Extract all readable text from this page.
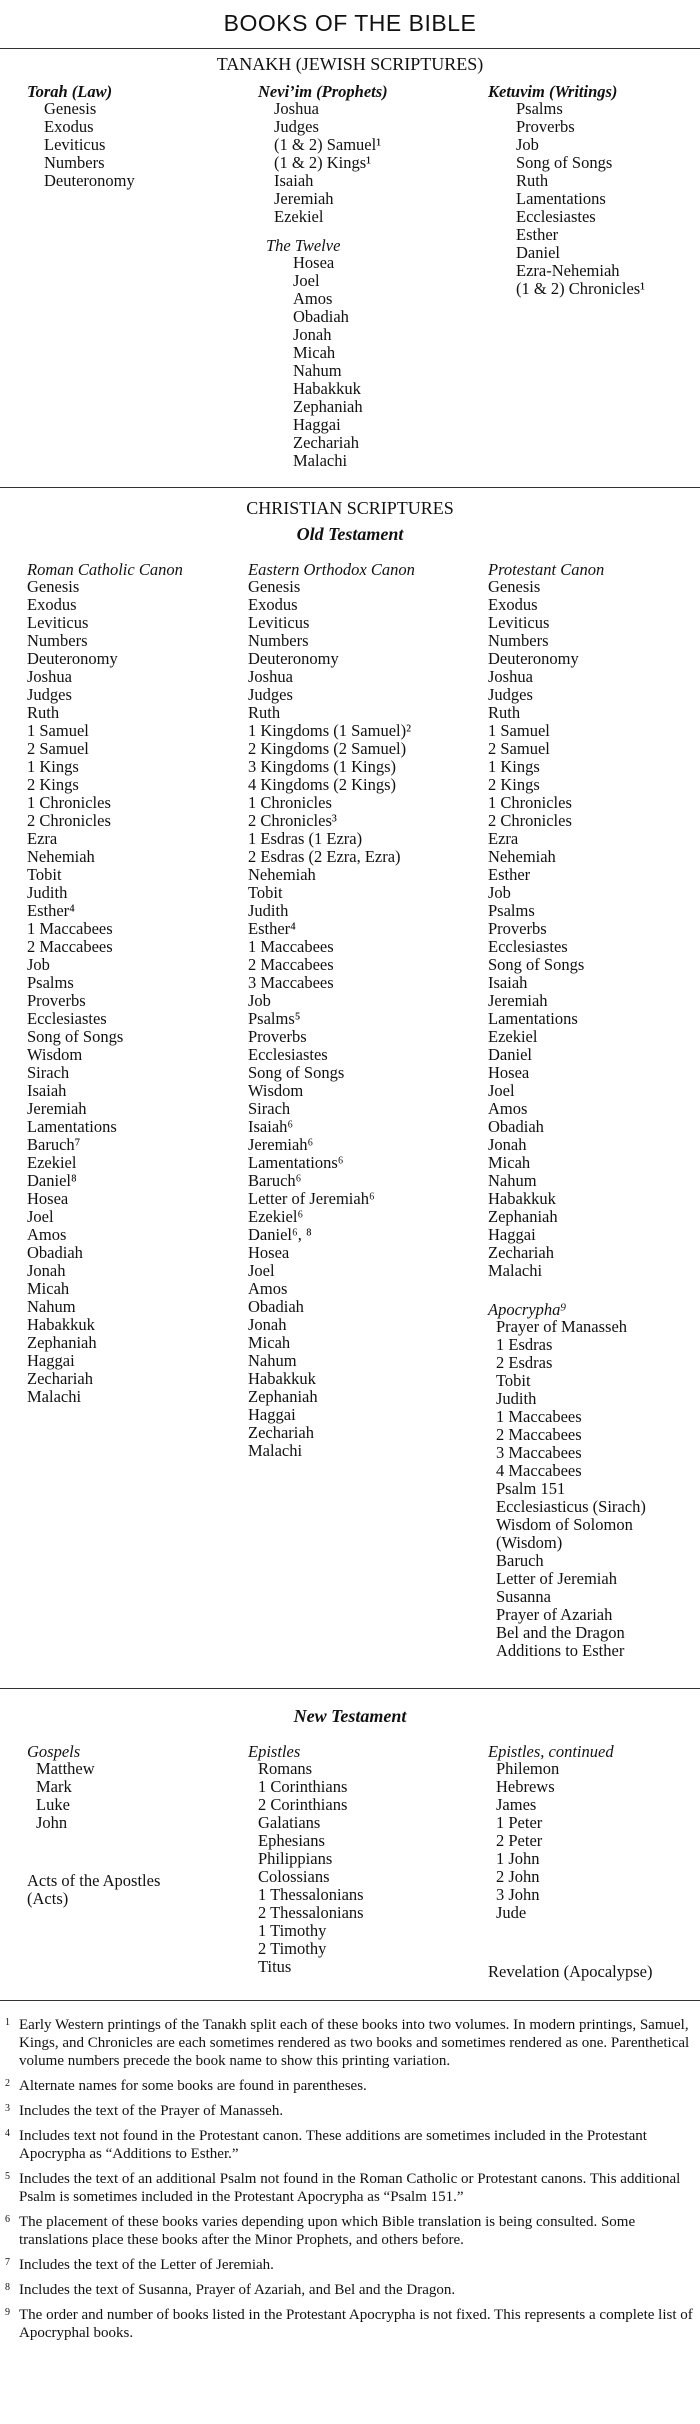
BOOKS OF THE BIBLE
TANAKH (JEWISH SCRIPTURES)
Torah (Law)
Genesis
Exodus
Leviticus
Numbers
Deuteronomy
Nevi’im (Prophets)
Joshua
Judges
(1 & 2) Samuel¹
(1 & 2) Kings¹
Isaiah
Jeremiah
Ezekiel
The Twelve
Hosea
Joel
Amos
Obadiah
Jonah
Micah
Nahum
Habakkuk
Zephaniah
Haggai
Zechariah
Malachi
Ketuvim (Writings)
Psalms
Proverbs
Job
Song of Songs
Ruth
Lamentations
Ecclesiastes
Esther
Daniel
Ezra-Nehemiah
(1 & 2) Chronicles¹
CHRISTIAN SCRIPTURES
Old Testament
Roman Catholic Canon
Genesis
Exodus
Leviticus
Numbers
Deuteronomy
Joshua
Judges
Ruth
1 Samuel
2 Samuel
1 Kings
2 Kings
1 Chronicles
2 Chronicles
Ezra
Nehemiah
Tobit
Judith
Esther⁴
1 Maccabees
2 Maccabees
Job
Psalms
Proverbs
Ecclesiastes
Song of Songs
Wisdom
Sirach
Isaiah
Jeremiah
Lamentations
Baruch⁷
Ezekiel
Daniel⁸
Hosea
Joel
Amos
Obadiah
Jonah
Micah
Nahum
Habakkuk
Zephaniah
Haggai
Zechariah
Malachi
Eastern Orthodox Canon
Genesis
Exodus
Leviticus
Numbers
Deuteronomy
Joshua
Judges
Ruth
1 Kingdoms (1 Samuel)²
2 Kingdoms (2 Samuel)
3 Kingdoms (1 Kings)
4 Kingdoms (2 Kings)
1 Chronicles
2 Chronicles³
1 Esdras (1 Ezra)
2 Esdras (2 Ezra, Ezra)
Nehemiah
Tobit
Judith
Esther⁴
1 Maccabees
2 Maccabees
3 Maccabees
Job
Psalms⁵
Proverbs
Ecclesiastes
Song of Songs
Wisdom
Sirach
Isaiah⁶
Jeremiah⁶
Lamentations⁶
Baruch⁶
Letter of Jeremiah⁶
Ezekiel⁶
Daniel⁶, ⁸
Hosea
Joel
Amos
Obadiah
Jonah
Micah
Nahum
Habakkuk
Zephaniah
Haggai
Zechariah
Malachi
Protestant Canon
Genesis
Exodus
Leviticus
Numbers
Deuteronomy
Joshua
Judges
Ruth
1 Samuel
2 Samuel
1 Kings
2 Kings
1 Chronicles
2 Chronicles
Ezra
Nehemiah
Esther
Job
Psalms
Proverbs
Ecclesiastes
Song of Songs
Isaiah
Jeremiah
Lamentations
Ezekiel
Daniel
Hosea
Joel
Amos
Obadiah
Jonah
Micah
Nahum
Habakkuk
Zephaniah
Haggai
Zechariah
Malachi
Apocrypha⁹
Prayer of Manasseh
1 Esdras
2 Esdras
Tobit
Judith
1 Maccabees
2 Maccabees
3 Maccabees
4 Maccabees
Psalm 151
Ecclesiasticus (Sirach)
Wisdom of Solomon
(Wisdom)
Baruch
Letter of Jeremiah
Susanna
Prayer of Azariah
Bel and the Dragon
Additions to Esther
New Testament
Gospels
Matthew
Mark
Luke
John
Acts of the Apostles
(Acts)
Epistles
Romans
1 Corinthians
2 Corinthians
Galatians
Ephesians
Philippians
Colossians
1 Thessalonians
2 Thessalonians
1 Timothy
2 Timothy
Titus
Epistles, continued
Philemon
Hebrews
James
1 Peter
2 Peter
1 John
2 John
3 John
Jude
Revelation (Apocalypse)
1 Early Western printings of the Tanakh split each of these books into two volumes. In modern printings, Samuel, Kings, and Chronicles are each sometimes rendered as two books and sometimes rendered as one. Parenthetical volume numbers precede the book name to show this printing variation.
2 Alternate names for some books are found in parentheses.
3 Includes the text of the Prayer of Manasseh.
4 Includes text not found in the Protestant canon. These additions are sometimes included in the Protestant Apocrypha as “Additions to Esther.”
5 Includes the text of an additional Psalm not found in the Roman Catholic or Protestant canons. This additional Psalm is sometimes included in the Protestant Apocrypha as “Psalm 151.”
6 The placement of these books varies depending upon which Bible translation is being consulted. Some translations place these books after the Minor Prophets, and others before.
7 Includes the text of the Letter of Jeremiah.
8 Includes the text of Susanna, Prayer of Azariah, and Bel and the Dragon.
9 The order and number of books listed in the Protestant Apocrypha is not fixed. This represents a complete list of Apocryphal books.
